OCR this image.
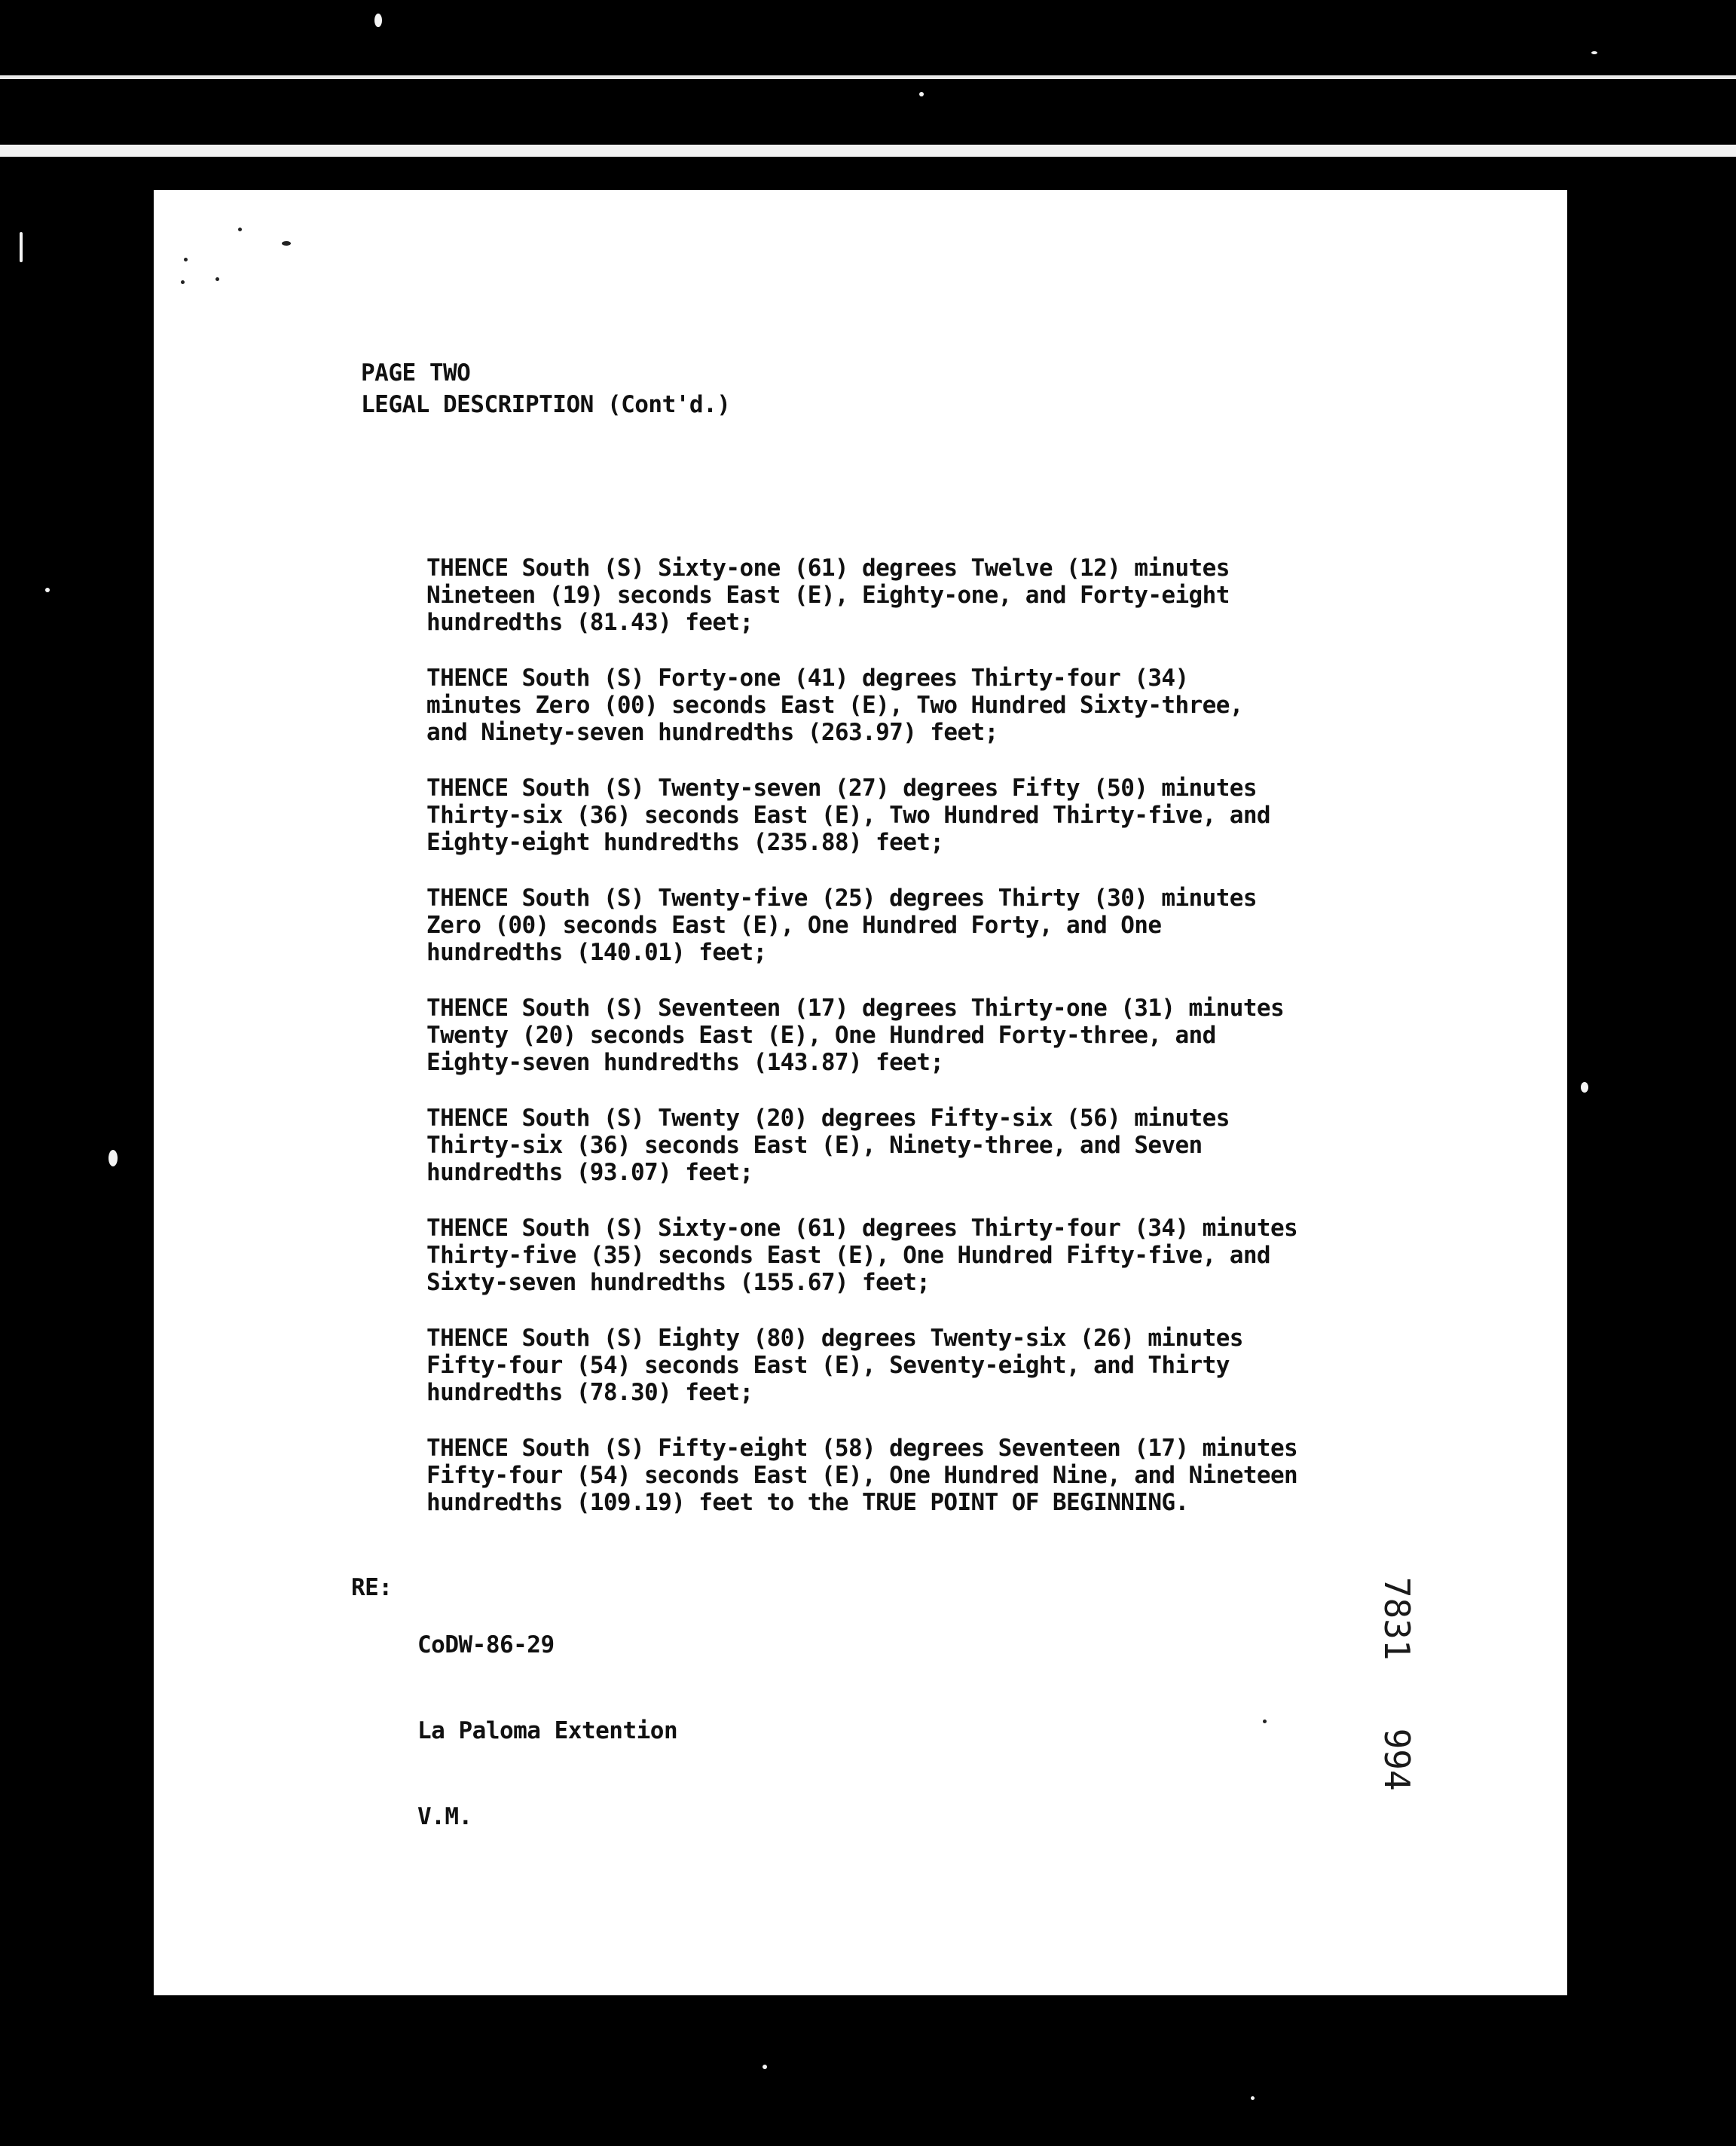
PAGE TWO
LEGAL DESCRIPTION (Cont'd.)
THENCE South (S) Sixty-one (61) degrees Twelve (12) minutes
Nineteen (19) seconds East (E), Eighty-one, and Forty-eight
hundredths (81.43) feet;
THENCE South (S) Forty-one (41) degrees Thirty-four (34)
minutes Zero (00) seconds East (E), Two Hundred Sixty-three,
and Ninety-seven hundredths (263.97) feet;
THENCE South (S) Twenty-seven (27) degrees Fifty (50) minutes
Thirty-six (36) seconds East (E), Two Hundred Thirty-five, and
Eighty-eight hundredths (235.88) feet;
THENCE South (S) Twenty-five (25) degrees Thirty (30) minutes
Zero (00) seconds East (E), One Hundred Forty, and One
hundredths (140.01) feet;
THENCE South (S) Seventeen (17) degrees Thirty-one (31) minutes
Twenty (20) seconds East (E), One Hundred Forty-three, and
Eighty-seven hundredths (143.87) feet;
THENCE South (S) Twenty (20) degrees Fifty-six (56) minutes
Thirty-six (36) seconds East (E), Ninety-three, and Seven
hundredths (93.07) feet;
THENCE South (S) Sixty-one (61) degrees Thirty-four (34) minutes
Thirty-five (35) seconds East (E), One Hundred Fifty-five, and
Sixty-seven hundredths (155.67) feet;
THENCE South (S) Eighty (80) degrees Twenty-six (26) minutes
Fifty-four (54) seconds East (E), Seventy-eight, and Thirty
hundredths (78.30) feet;
THENCE South (S) Fifty-eight (58) degrees Seventeen (17) minutes
Fifty-four (54) seconds East (E), One Hundred Nine, and Nineteen
hundredths (109.19) feet to the TRUE POINT OF BEGINNING.
RE:

CoDW-86-29

La Paloma Extention

V.M.

7831994
